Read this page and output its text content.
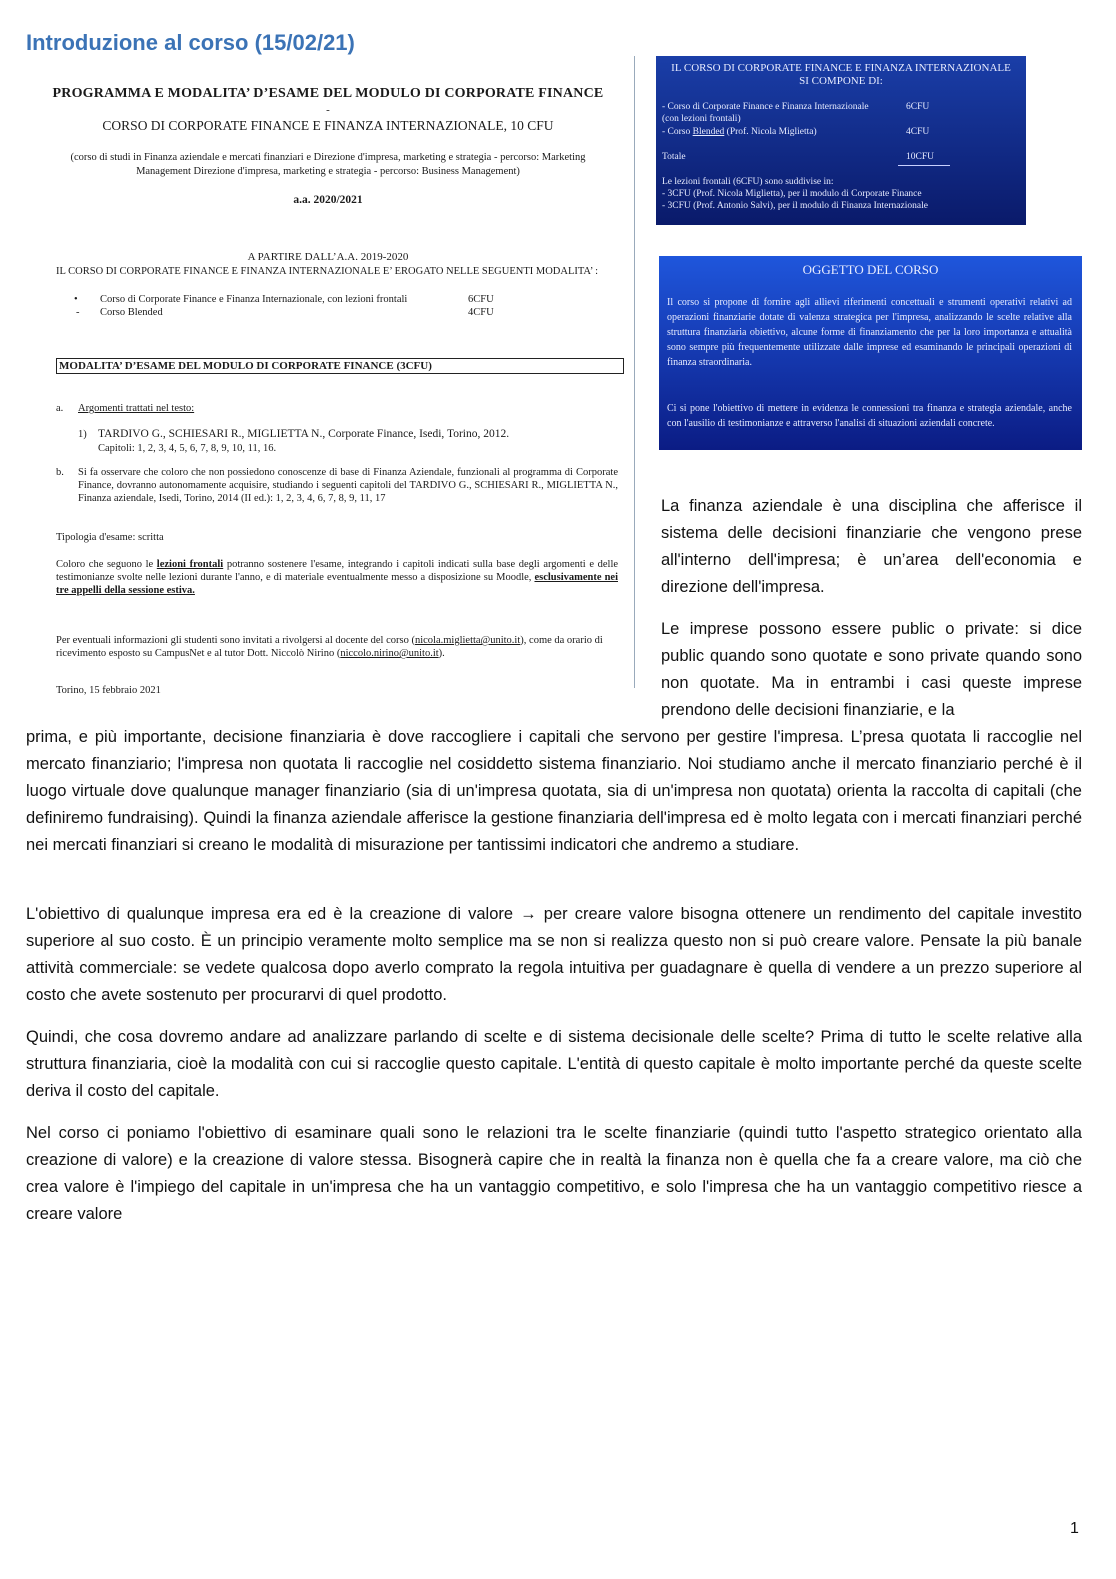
Introduzione al corso (15/02/21)
PROGRAMMA E MODALITA’ D’ESAME DEL MODULO DI CORPORATE FINANCE
-
CORSO DI CORPORATE FINANCE E FINANZA INTERNAZIONALE, 10 CFU
(corso di studi in Finanza aziendale e mercati finanziari e Direzione d'impresa, marketing e strategia - percorso: Marketing Management Direzione d'impresa, marketing e strategia - percorso: Business Management)
a.a. 2020/2021
A PARTIRE DALL’A.A. 2019-2020
IL CORSO DI CORPORATE FINANCE E FINANZA INTERNAZIONALE E’ EROGATO NELLE SEGUENTI MODALITA’ :
• Corso di Corporate Finance e Finanza Internazionale, con lezioni frontali	6CFU
- Corso Blended	4CFU
MODALITA’ D’ESAME DEL MODULO DI CORPORATE FINANCE (3CFU)
a. Argomenti trattati nel testo:
1) TARDIVO G., SCHIESARI R., MIGLIETTA N., Corporate Finance, Isedi, Torino, 2012.
Capitoli: 1, 2, 3, 4, 5, 6, 7, 8, 9, 10, 11, 16.
b. Si fa osservare che coloro che non possiedono conoscenze di base di Finanza Aziendale, funzionali al programma di Corporate Finance, dovranno autonomamente acquisire, studiando i seguenti capitoli del TARDIVO G., SCHIESARI R., MIGLIETTA N., Finanza aziendale, Isedi, Torino, 2014 (II ed.): 1, 2, 3, 4, 6, 7, 8, 9, 11, 17
Tipologia d'esame: scritta
Coloro che seguono le lezioni frontali potranno sostenere l'esame, integrando i capitoli indicati sulla base degli argomenti e delle testimonianze svolte nelle lezioni durante l'anno, e di materiale eventualmente messo a disposizione su Moodle, esclusivamente nei tre appelli della sessione estiva.
Per eventuali informazioni gli studenti sono invitati a rivolgersi al docente del corso (nicola.miglietta@unito.it), come da orario di ricevimento esposto su CampusNet e al tutor Dott. Niccolò Nirino (niccolo.nirino@unito.it).
Torino, 15 febbraio 2021
IL CORSO DI CORPORATE FINANCE E FINANZA INTERNAZIONALE
SI COMPONE DI:
- Corso di Corporate Finance e Finanza Internazionale
(con lezioni frontali)
6CFU
- Corso Blended (Prof. Nicola Miglietta)	4CFU
Totale	10CFU
Le lezioni frontali (6CFU) sono suddivise in:
- 3CFU (Prof. Nicola Miglietta), per il modulo di Corporate Finance
- 3CFU (Prof. Antonio Salvi), per il modulo di Finanza Internazionale
OGGETTO DEL CORSO
Il corso si propone di fornire agli allievi riferimenti concettuali e strumenti operativi relativi ad operazioni finanziarie dotate di valenza strategica per l'impresa, analizzando le scelte relative alla struttura finanziaria obiettivo, alcune forme di finanziamento che per la loro importanza e attualità sono sempre più frequentemente utilizzate dalle imprese ed esaminando le principali operazioni di finanza straordinaria.
Ci si pone l'obiettivo di mettere in evidenza le connessioni tra finanza e strategia aziendale, anche con l'ausilio di testimonianze e attraverso l'analisi di situazioni aziendali concrete.
La finanza aziendale è una disciplina che afferisce il sistema delle decisioni finanziarie che vengono prese all'interno dell'impresa; è un’area dell'economia e direzione dell'impresa.
Le imprese possono essere public o private: si dice public quando sono quotate e sono private quando sono non quotate. Ma in entrambi i casi queste imprese prendono delle decisioni finanziarie, e la
prima, e più importante, decisione finanziaria è dove raccogliere i capitali che servono per gestire l'impresa. L’presa quotata li raccoglie nel mercato finanziario; l'impresa non quotata li raccoglie nel cosiddetto sistema finanziario. Noi studiamo anche il mercato finanziario perché è il luogo virtuale dove qualunque manager finanziario (sia di un'impresa quotata, sia di un'impresa non quotata) orienta la raccolta di capitali (che definiremo fundraising). Quindi la finanza aziendale afferisce la gestione finanziaria dell'impresa ed è molto legata con i mercati finanziari perché nei mercati finanziari si creano le modalità di misurazione per tantissimi indicatori che andremo a studiare.
L'obiettivo di qualunque impresa era ed è la creazione di valore → per creare valore bisogna ottenere un rendimento del capitale investito superiore al suo costo. È un principio veramente molto semplice ma se non si realizza questo non si può creare valore. Pensate la più banale attività commerciale: se vedete qualcosa dopo averlo comprato la regola intuitiva per guadagnare è quella di vendere a un prezzo superiore al costo che avete sostenuto per procurarvi di quel prodotto.
Quindi, che cosa dovremo andare ad analizzare parlando di scelte e di sistema decisionale delle scelte? Prima di tutto le scelte relative alla struttura finanziaria, cioè la modalità con cui si raccoglie questo capitale. L'entità di questo capitale è molto importante perché da queste scelte deriva il costo del capitale.
Nel corso ci poniamo l'obiettivo di esaminare quali sono le relazioni tra le scelte finanziarie (quindi tutto l'aspetto strategico orientato alla creazione di valore) e la creazione di valore stessa. Bisognerà capire che in realtà la finanza non è quella che fa a creare valore, ma ciò che crea valore è l'impiego del capitale in un'impresa che ha un vantaggio competitivo, e solo l'impresa che ha un vantaggio competitivo riesce a creare valore
1
